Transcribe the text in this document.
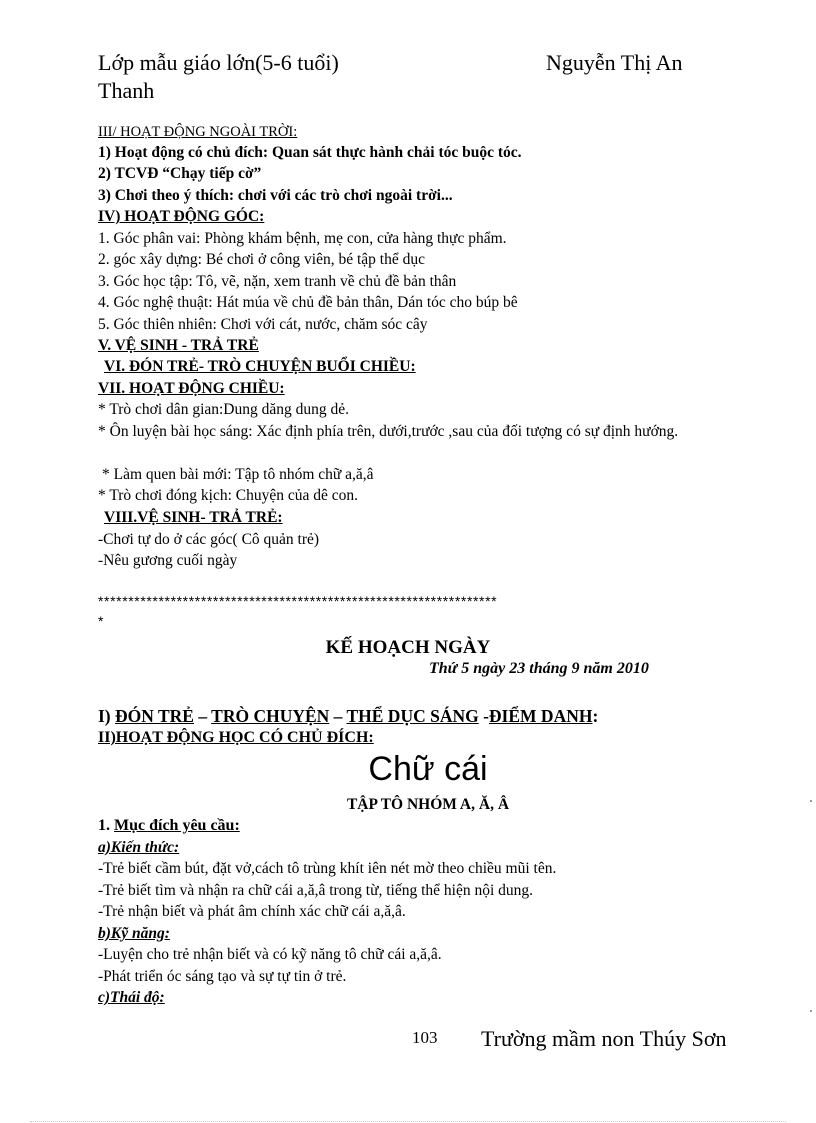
Lớp mẫu giáo lớn(5-6 tuổi)	Nguyễn Thị An
Thanh
III/ HOẠT ĐỘNG NGOÀI TRỜI:
1) Hoạt động có chủ đích: Quan sát thực hành chải tóc buộc tóc.
2) TCVĐ “Chạy tiếp cờ”
3) Chơi theo ý thích: chơi với các trò chơi ngoài trời...
IV) HOẠT ĐỘNG GÓC:
1. Góc phân vai: Phòng khám bệnh, mẹ con, cửa hàng thực phẩm.
2. góc xây dựng: Bé chơi ở công viên, bé tập thể dục
3. Góc học tập: Tô, vẽ, nặn, xem tranh về chủ đề bản thân
4. Góc nghệ thuật: Hát múa về chủ đề bản thân, Dán tóc cho búp bê
5. Góc thiên nhiên: Chơi với cát, nước, chăm sóc cây
V. VỆ SINH - TRẢ TRẺ
VI. ĐÓN TRẺ- TRÒ CHUYỆN BUỔI CHIỀU:
VII. HOẠT ĐỘNG CHIỀU:
* Trò chơi dân gian:Dung dăng dung dẻ.
* Ôn luyện bài học sáng: Xác định phía trên, dưới,trước ,sau của đối tượng có sự định hướng.
* Làm quen bài mới: Tập tô nhóm chữ a,ă,â
* Trò chơi đóng kịch: Chuyện của dê con.
VIII.VỆ SINH- TRẢ TRẺ:
-Chơi tự do ở các góc( Cô quản trẻ)
-Nêu gương cuối ngày
******************************************************************
*
KẾ HOẠCH NGÀY
Thứ 5 ngày 23 tháng 9 năm 2010
I) ĐÓN TRẺ – TRÒ CHUYỆN – THỂ DỤC SÁNG -ĐIỂM DANH:
II)HOẠT ĐỘNG HỌC CÓ CHỦ ĐÍCH:
Chữ cái
TẬP TÔ NHÓM A, Ă, Â
1. Mục đích yêu cầu:
a)Kiến thức:
-Trẻ biết cầm bút, đặt vở,cách tô trùng khít iên nét mờ theo chiều mũi tên.
-Trẻ biết tìm và nhận ra chữ cái a,ă,â trong từ, tiếng thể hiện nội dung.
-Trẻ nhận biết và phát âm chính xác chữ cái a,ă,â.
b)Kỹ năng:
-Luyện cho trẻ nhận biết và có kỹ năng tô chữ cái a,ă,â.
-Phát triển óc sáng tạo và sự tự tin ở trẻ.
c)Thái độ:
103 Trường mầm non Thúy Sơn
